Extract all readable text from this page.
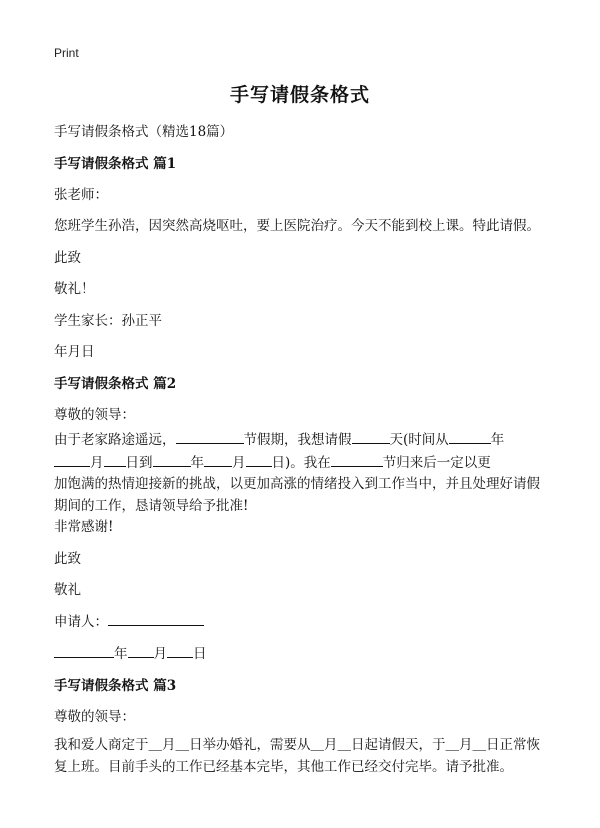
Print
手写请假条格式
手写请假条格式（精选18篇）
手写请假条格式 篇1
张老师：
您班学生孙浩，因突然高烧呕吐，要上医院治疗。今天不能到校上课。特此请假。
此致
敬礼！
学生家长：孙正平
年月日
手写请假条格式 篇2
尊敬的领导：
由于老家路途遥远，	节假期，我想请假	天(时间从	年
月 日到	年 月 日)。我在	节归来后一定以更
加饱满的热情迎接新的挑战，以更加高涨的情绪投入到工作当中，并且处理好请假
期间的工作，恳请领导给予批准!
非常感谢!
此致
敬礼
申请人：
年 月 日
手写请假条格式 篇3
尊敬的领导：
我和爱人商定于＿月＿日举办婚礼，需要从＿月＿日起请假天，于＿月＿日正常恢复上班。目前手头的工作已经基本完毕，其他工作已经交付完毕。请予批准。
